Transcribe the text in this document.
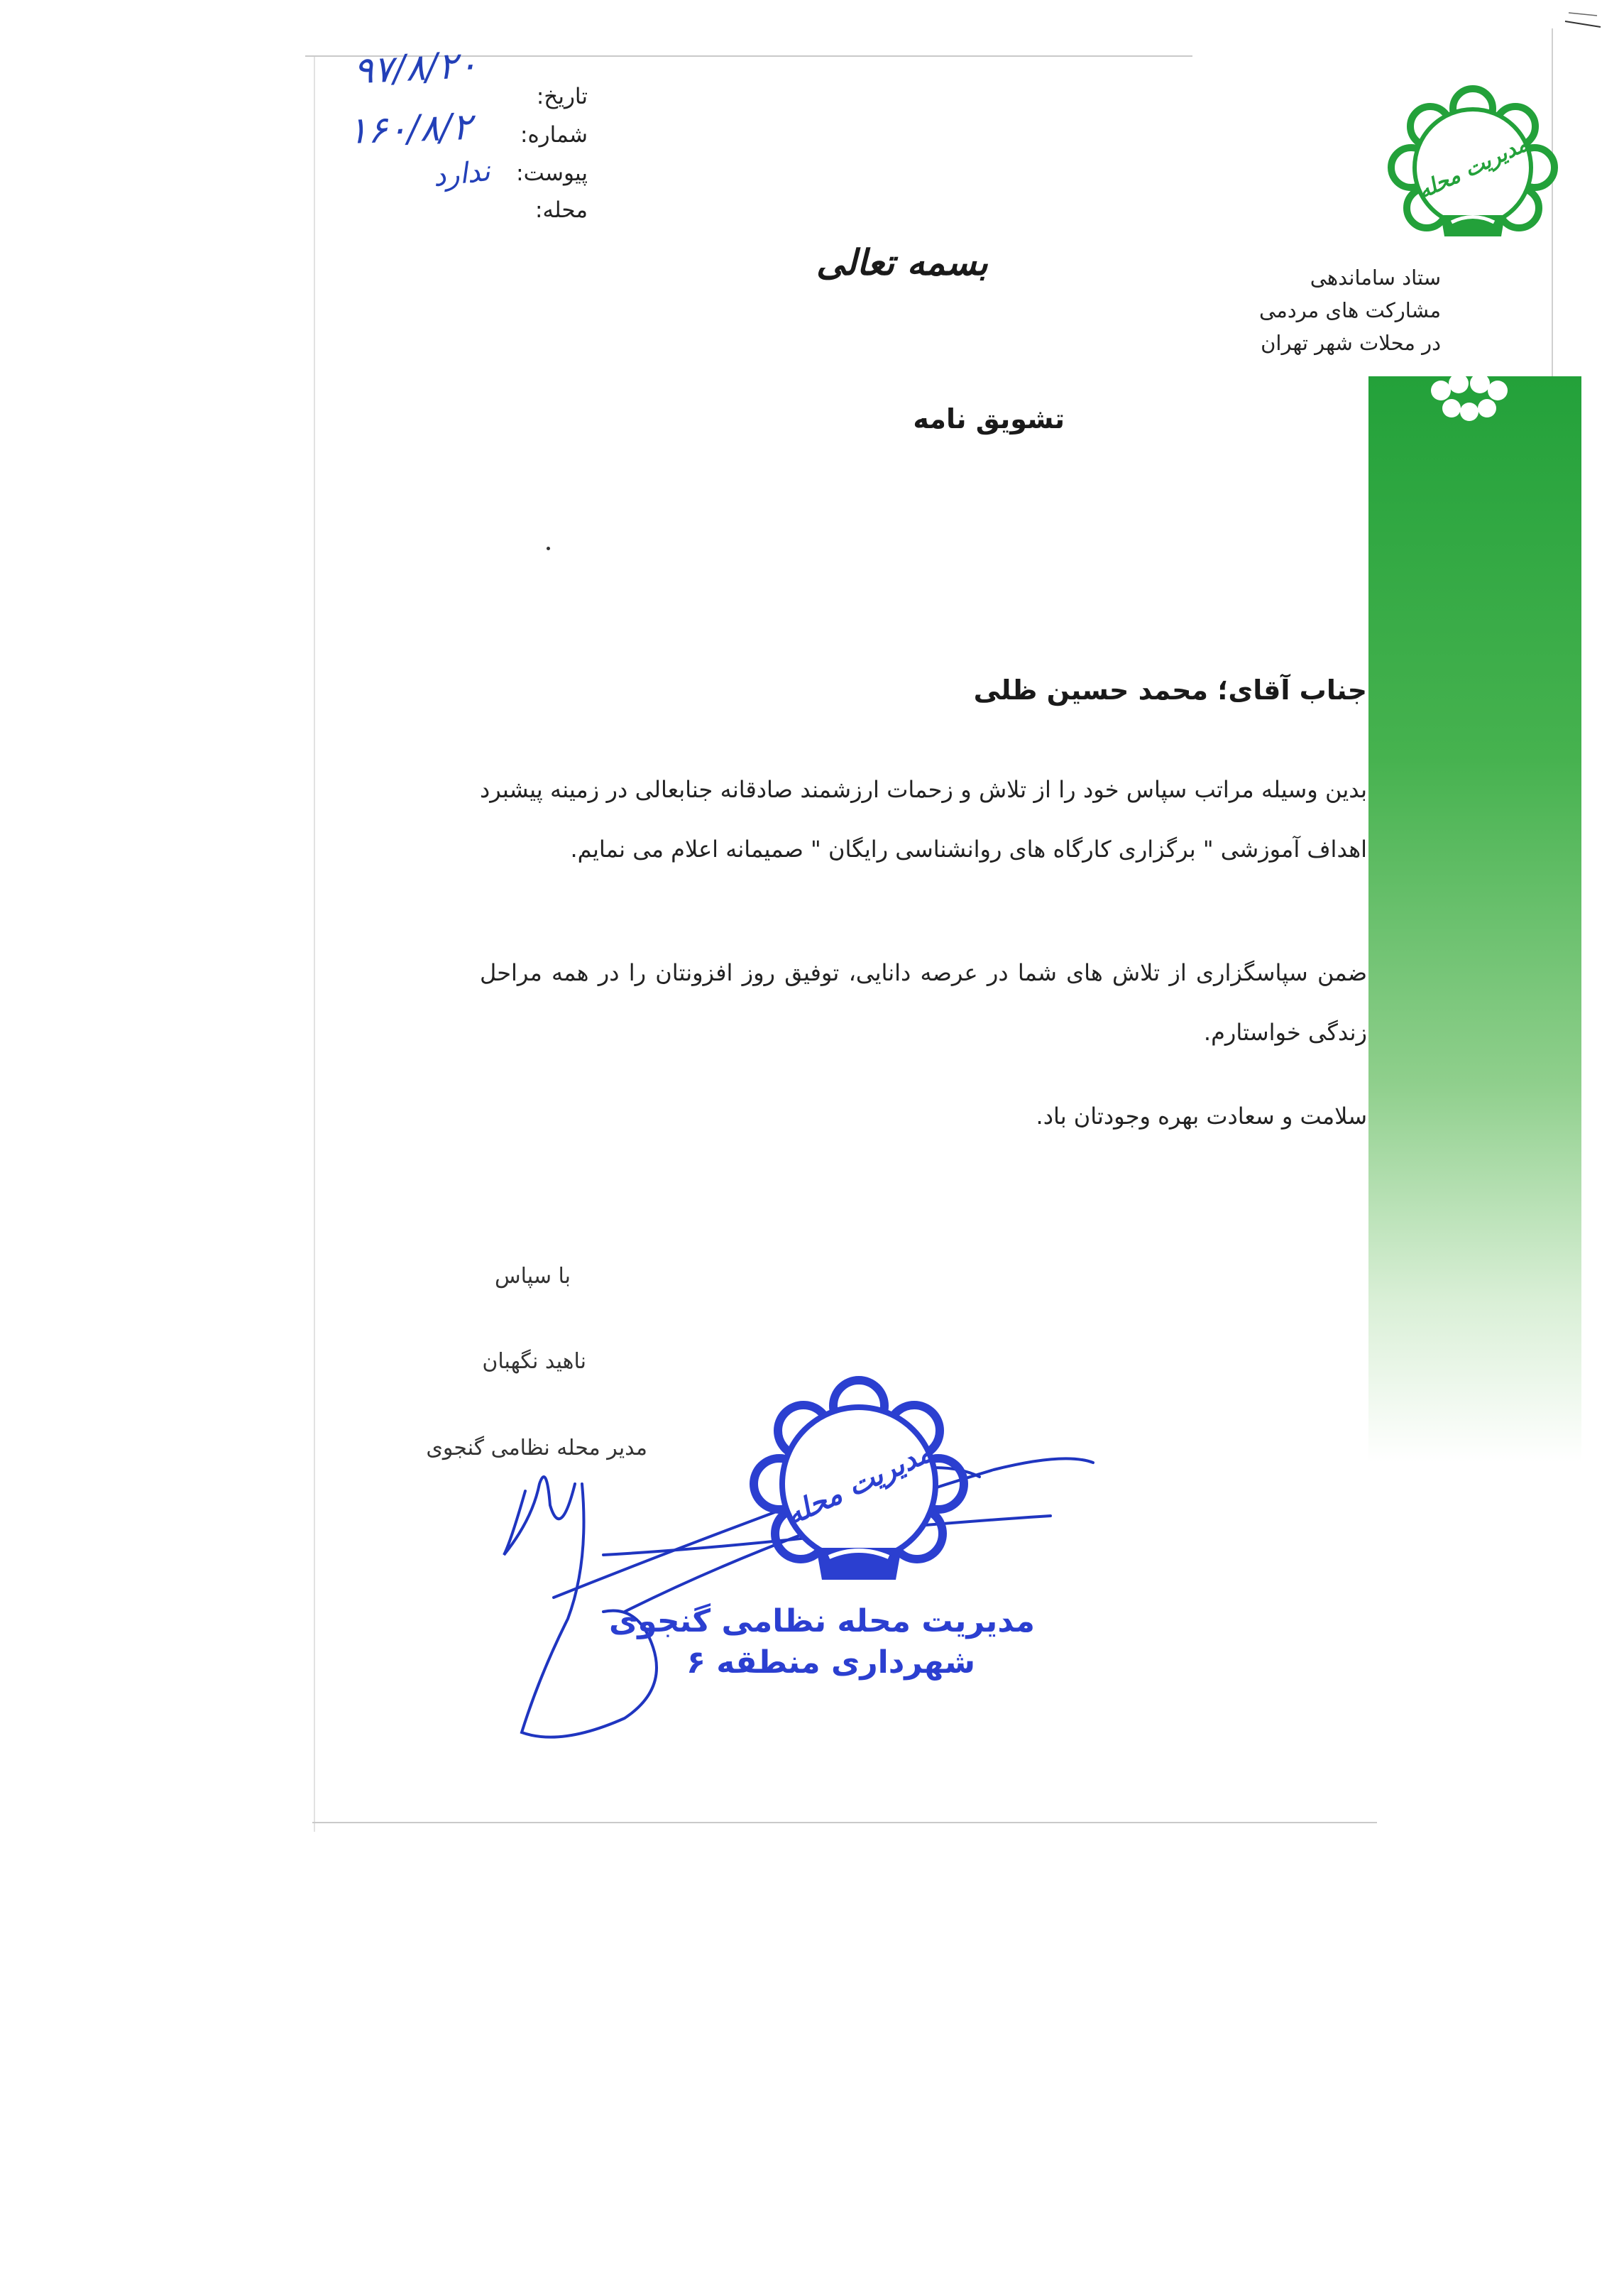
مدیریت محله
ستاد ساماندهی
مشارکت های مردمی
در محلات شهر تهران
تاریخ:
شماره:
پیوست:
محله:
۹۷/۸/۲۰
۱۶۰/۸/۲
ندارد
بسمه تعالی
تشویق نامه
جناب آقای؛ محمد حسین ظلی
بدین وسیله مراتب سپاس خود را از تلاش و زحمات ارزشمند صادقانه جنابعالی در زمینه پیشبرد اهداف آموزشی " برگزاری کارگاه های روانشناسی رایگان " صمیمانه اعلام می نمایم.
ضمن سپاسگزاری از تلاش های شما در عرصه دانایی، توفیق روز افزونتان را در همه مراحل زندگی خواستارم.
سلامت و سعادت بهره وجودتان باد.
با سپاس
ناهید نگهبان
مدیر محله نظامی گنجوی	مدیریت محله
مدیریت محله نظامی گنجوی
شهرداری منطقه ۶
